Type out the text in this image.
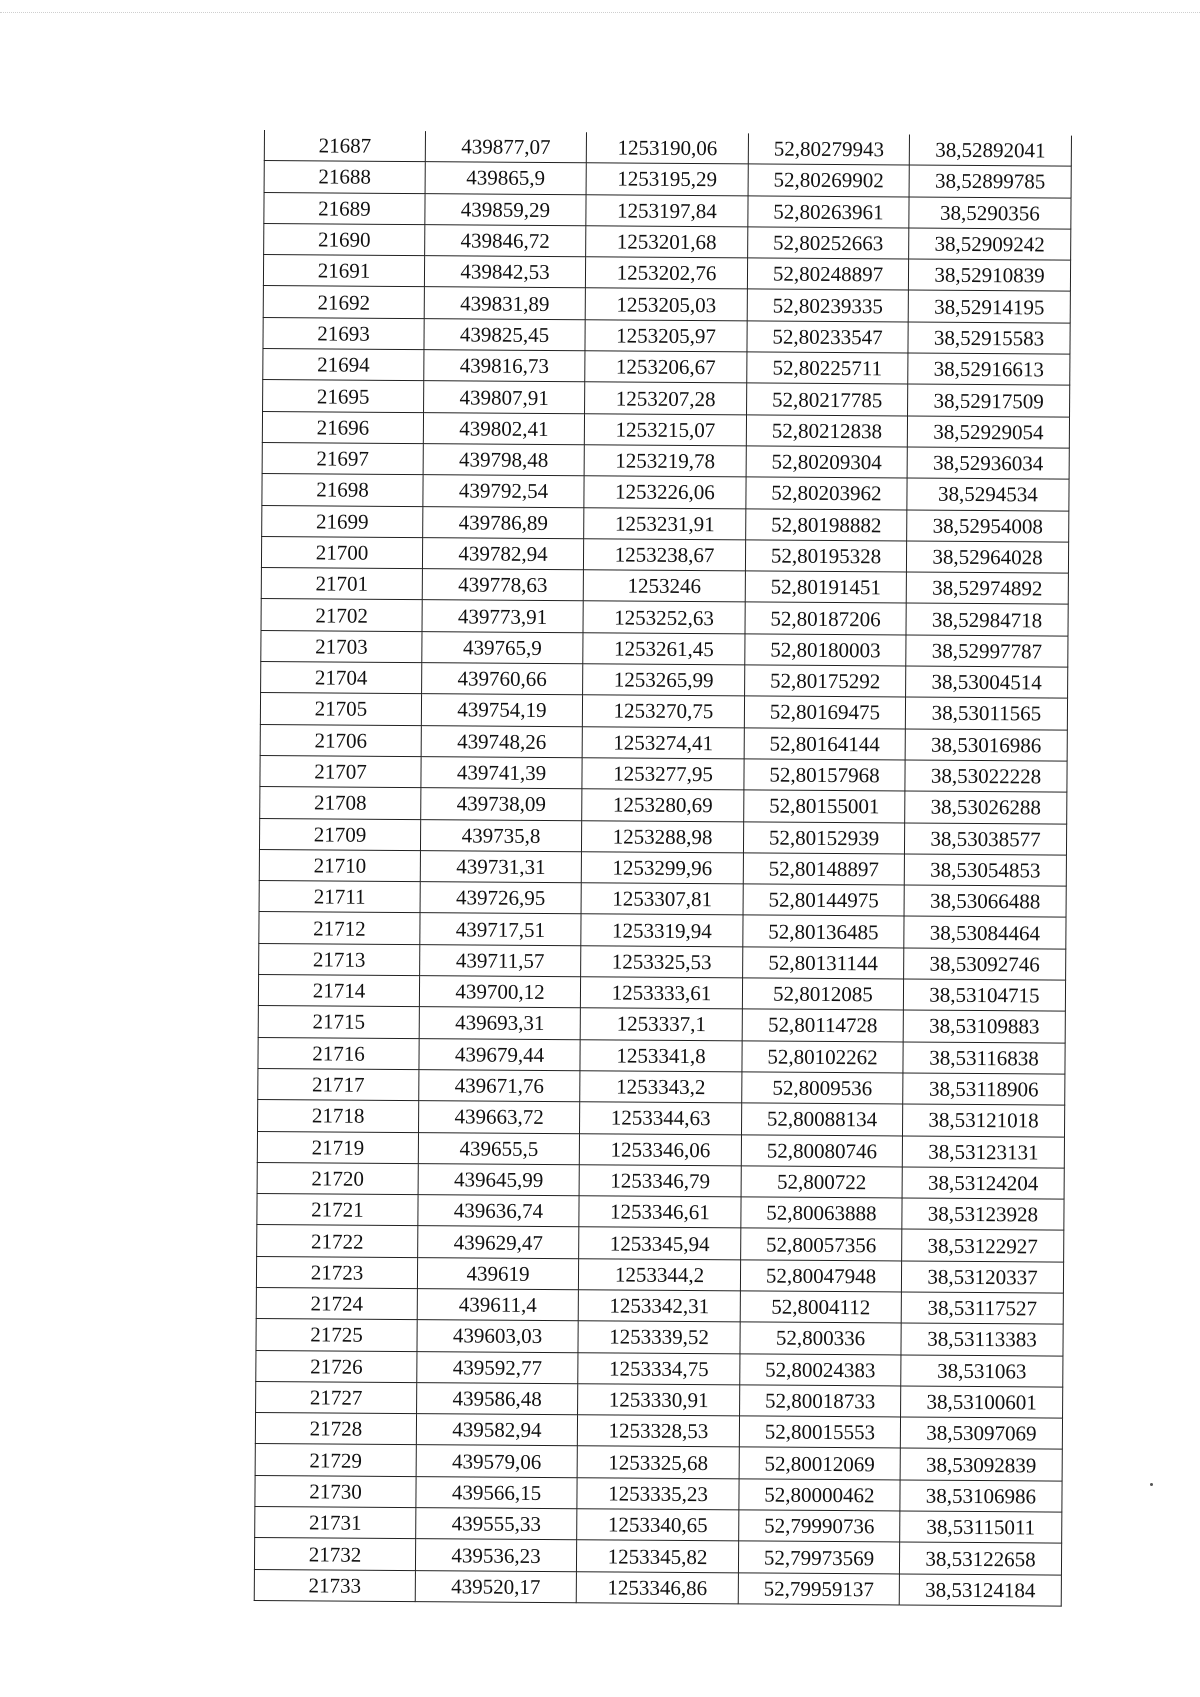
21687	439877,07	1253190,06	52,80279943	38,52892041
21688	439865,9	1253195,29	52,80269902	38,52899785
21689	439859,29	1253197,84	52,80263961	38,5290356
21690	439846,72	1253201,68	52,80252663	38,52909242
21691	439842,53	1253202,76	52,80248897	38,52910839
21692	439831,89	1253205,03	52,80239335	38,52914195
21693	439825,45	1253205,97	52,80233547	38,52915583
21694	439816,73	1253206,67	52,80225711	38,52916613
21695	439807,91	1253207,28	52,80217785	38,52917509
21696	439802,41	1253215,07	52,80212838	38,52929054
21697	439798,48	1253219,78	52,80209304	38,52936034
21698	439792,54	1253226,06	52,80203962	38,5294534
21699	439786,89	1253231,91	52,80198882	38,52954008
21700	439782,94	1253238,67	52,80195328	38,52964028
21701	439778,63	1253246	52,80191451	38,52974892
21702	439773,91	1253252,63	52,80187206	38,52984718
21703	439765,9	1253261,45	52,80180003	38,52997787
21704	439760,66	1253265,99	52,80175292	38,53004514
21705	439754,19	1253270,75	52,80169475	38,53011565
21706	439748,26	1253274,41	52,80164144	38,53016986
21707	439741,39	1253277,95	52,80157968	38,53022228
21708	439738,09	1253280,69	52,80155001	38,53026288
21709	439735,8	1253288,98	52,80152939	38,53038577
21710	439731,31	1253299,96	52,80148897	38,53054853
21711	439726,95	1253307,81	52,80144975	38,53066488
21712	439717,51	1253319,94	52,80136485	38,53084464
21713	439711,57	1253325,53	52,80131144	38,53092746
21714	439700,12	1253333,61	52,8012085	38,53104715
21715	439693,31	1253337,1	52,80114728	38,53109883
21716	439679,44	1253341,8	52,80102262	38,53116838
21717	439671,76	1253343,2	52,8009536	38,53118906
21718	439663,72	1253344,63	52,80088134	38,53121018
21719	439655,5	1253346,06	52,80080746	38,53123131
21720	439645,99	1253346,79	52,800722	38,53124204
21721	439636,74	1253346,61	52,80063888	38,53123928
21722	439629,47	1253345,94	52,80057356	38,53122927
21723	439619	1253344,2	52,80047948	38,53120337
21724	439611,4	1253342,31	52,8004112	38,53117527
21725	439603,03	1253339,52	52,800336	38,53113383
21726	439592,77	1253334,75	52,80024383	38,531063
21727	439586,48	1253330,91	52,80018733	38,53100601
21728	439582,94	1253328,53	52,80015553	38,53097069
21729	439579,06	1253325,68	52,80012069	38,53092839
21730	439566,15	1253335,23	52,80000462	38,53106986
21731	439555,33	1253340,65	52,79990736	38,53115011
21732	439536,23	1253345,82	52,79973569	38,53122658
21733	439520,17	1253346,86	52,79959137	38,53124184
